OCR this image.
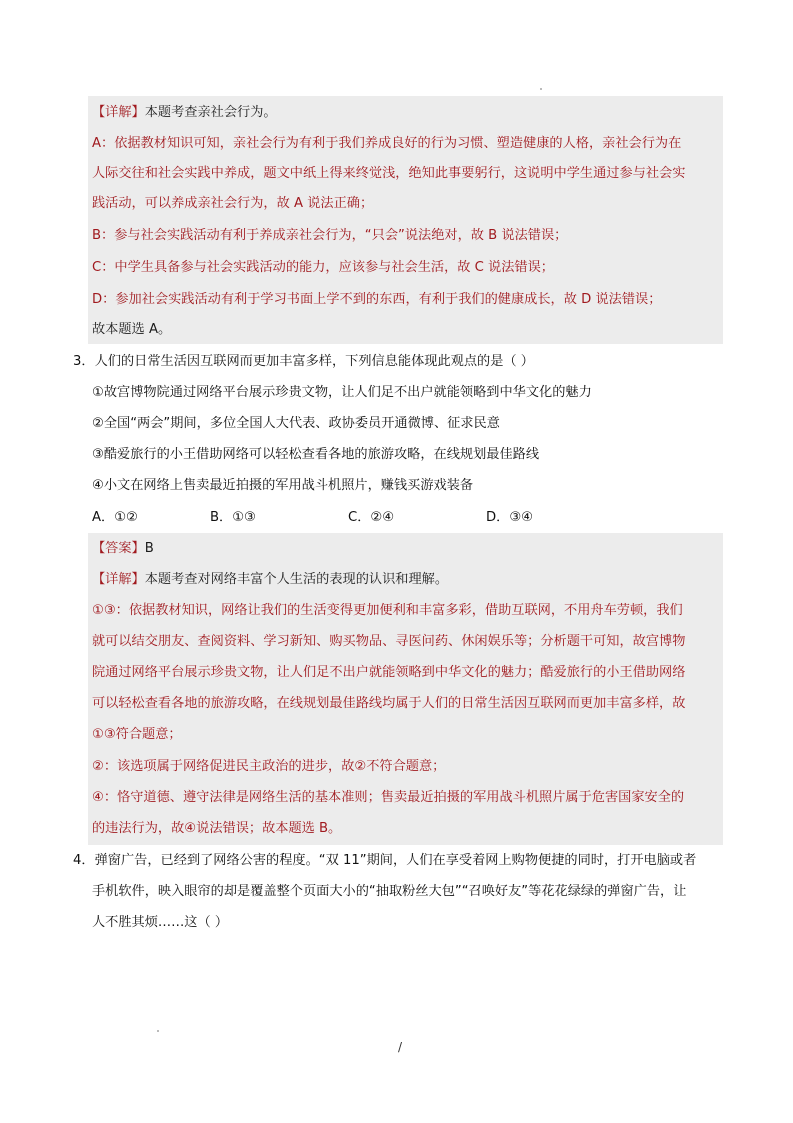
【详解】本题考查亲社会行为。
A：依据教材知识可知，亲社会行为有利于我们养成良好的行为习惯、塑造健康的人格，亲社会行为在
人际交往和社会实践中养成，题文中纸上得来终觉浅，绝知此事要躬行，这说明中学生通过参与社会实
践活动，可以养成亲社会行为，故 A 说法正确；
B：参与社会实践活动有利于养成亲社会行为，“只会”说法绝对，故 B 说法错误；
C：中学生具备参与社会实践活动的能力，应该参与社会生活，故 C 说法错误；
D：参加社会实践活动有利于学习书面上学不到的东西，有利于我们的健康成长，故 D 说法错误；
故本题选 A。
3．人们的日常生活因互联网而更加丰富多样，下列信息能体现此观点的是（ ）
①故宫博物院通过网络平台展示珍贵文物，让人们足不出户就能领略到中华文化的魅力
②全国“两会”期间，多位全国人大代表、政协委员开通微博、征求民意
③酷爱旅行的小王借助网络可以轻松查看各地的旅游攻略，在线规划最佳路线
④小文在网络上售卖最近拍摄的军用战斗机照片，赚钱买游戏装备
A．①②	B．①③	C．②④	D．③④
【答案】B
【详解】本题考查对网络丰富个人生活的表现的认识和理解。
①③：依据教材知识，网络让我们的生活变得更加便利和丰富多彩，借助互联网，不用舟车劳顿，我们
就可以结交朋友、查阅资料、学习新知、购买物品、寻医问药、休闲娱乐等；分析题干可知，故宫博物
院通过网络平台展示珍贵文物，让人们足不出户就能领略到中华文化的魅力；酷爱旅行的小王借助网络
可以轻松查看各地的旅游攻略，在线规划最佳路线均属于人们的日常生活因互联网而更加丰富多样，故
①③符合题意；
②：该选项属于网络促进民主政治的进步，故②不符合题意；
④：恪守道德、遵守法律是网络生活的基本准则；售卖最近拍摄的军用战斗机照片属于危害国家安全的
的违法行为，故④说法错误；故本题选 B。
4．弹窗广告，已经到了网络公害的程度。“双 11”期间，人们在享受着网上购物便捷的同时，打开电脑或者
手机软件，映入眼帘的却是覆盖整个页面大小的“抽取粉丝大包”“召唤好友”等花花绿绿的弹窗广告，让
人不胜其烦……这（ ）
/
